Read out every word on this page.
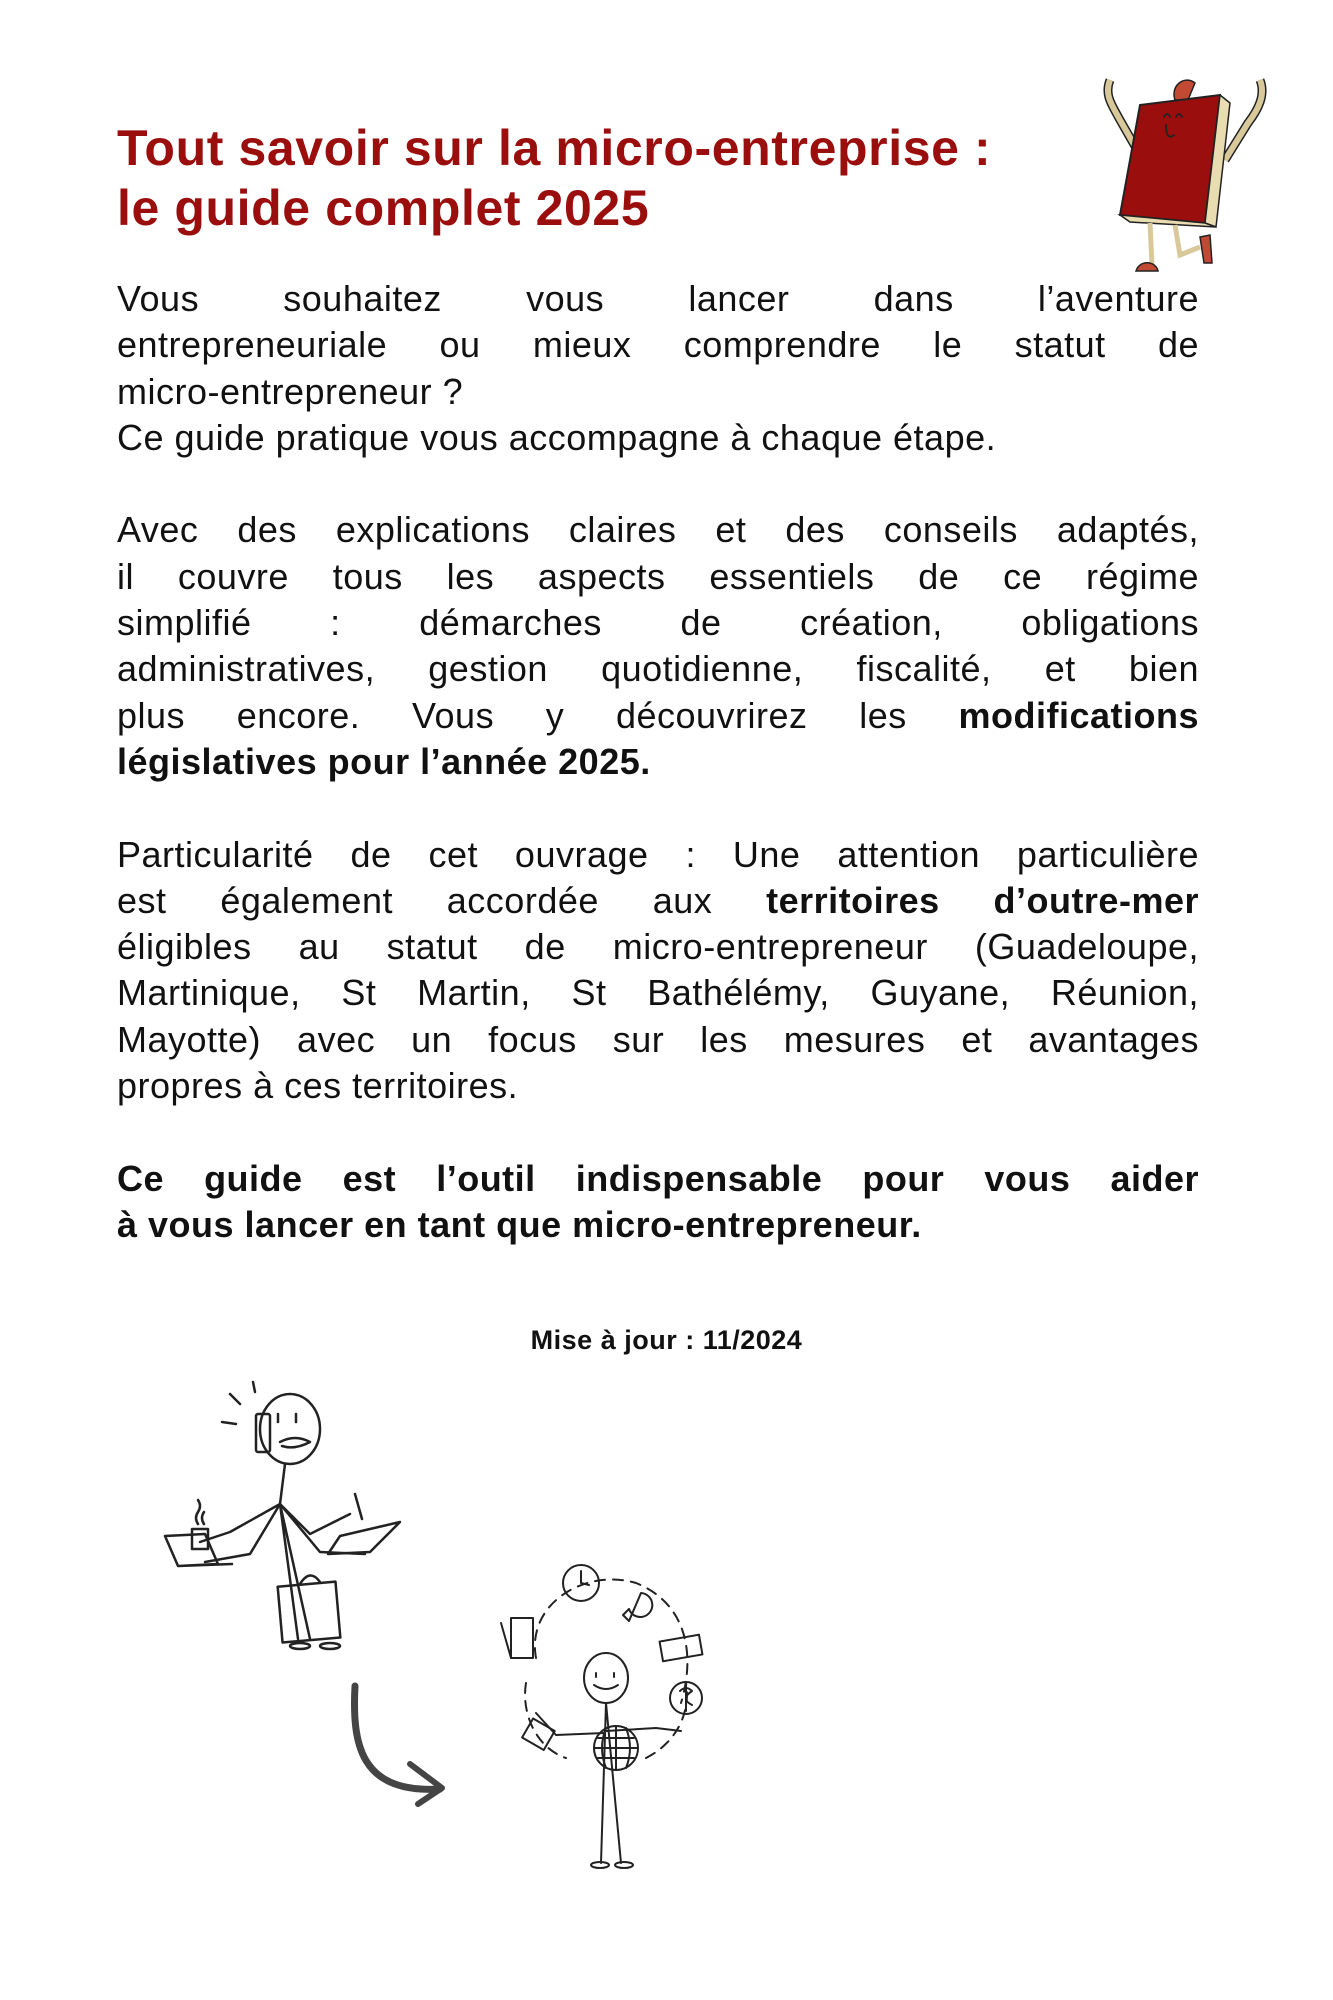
Tout savoir sur la micro-entreprise :
le guide complet 2025
Vous souhaitez vous lancer dans l’aventure
entrepreneuriale ou mieux comprendre le statut de
micro-entrepreneur ?
Ce guide pratique vous accompagne à chaque étape.
Avec des explications claires et des conseils adaptés,
il couvre tous les aspects essentiels de ce régime
simplifié : démarches de création, obligations
administratives, gestion quotidienne, fiscalité, et bien
plus encore. Vous y découvrirez les modifications
législatives pour l’année 2025.
Particularité de cet ouvrage : Une attention particulière
est également accordée aux territoires d’outre-mer
éligibles au statut de micro-entrepreneur (Guadeloupe,
Martinique, St Martin, St Bathélémy, Guyane, Réunion,
Mayotte) avec un focus sur les mesures et avantages
propres à ces territoires.
Ce guide est l’outil indispensable pour vous aider
à vous lancer en tant que micro-entrepreneur.
Mise à jour : 11/2024
